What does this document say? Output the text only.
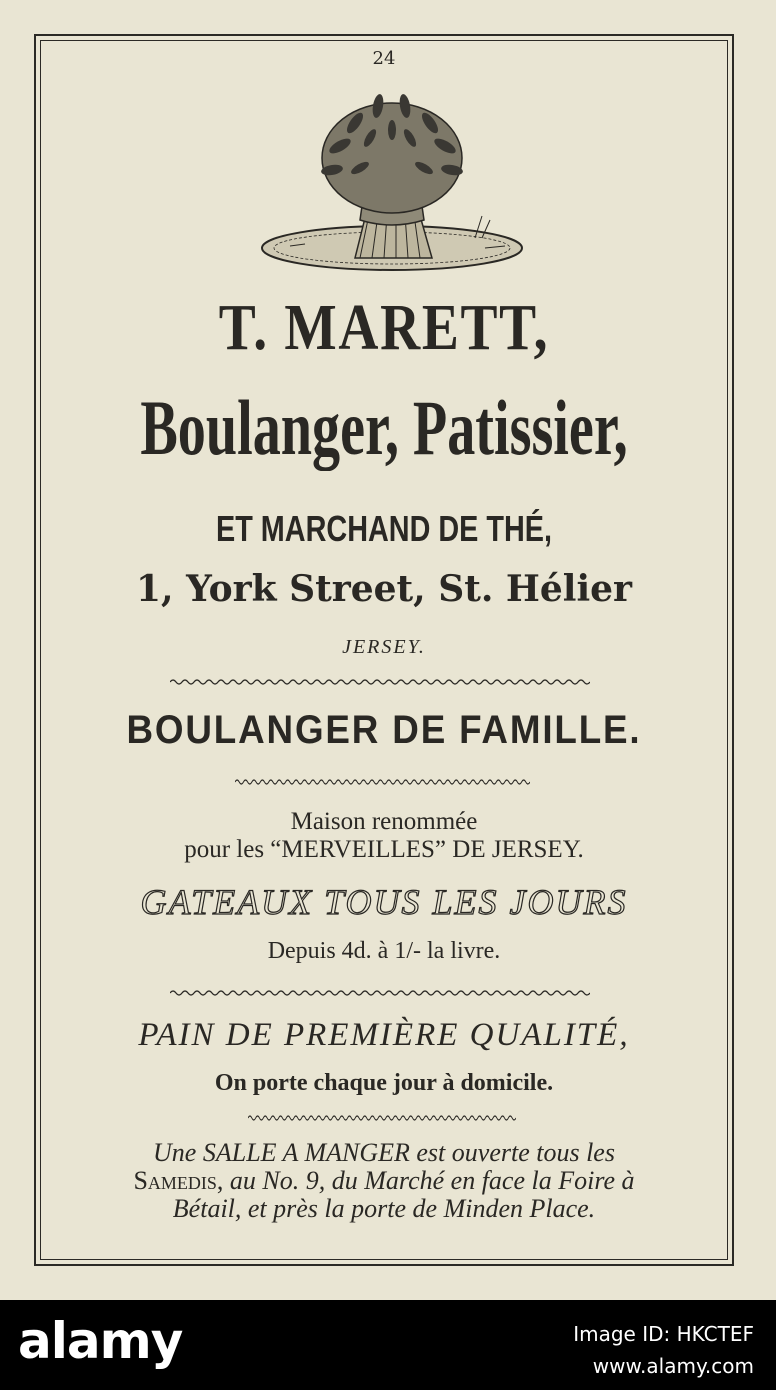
24
T. MARETT,
Boulanger, Patissier,
ET MARCHAND DE THÉ,
1, York Street, St. Hélier
JERSEY.
BOULANGER DE FAMILLE.
Maison renommée
pour les “MERVEILLES” DE JERSEY.
GATEAUX TOUS LES JOURS
Depuis 4d. à 1/- la livre.
PAIN DE PREMIÈRE QUALITÉ,
On porte chaque jour à domicile.
Une SALLE A MANGER est ouverte tous les
Samedis, au No. 9, du Marché en face la Foire à
Bétail, et près la porte de Minden Place.
alamy	Image ID: HKCTEF
www.alamy.com
